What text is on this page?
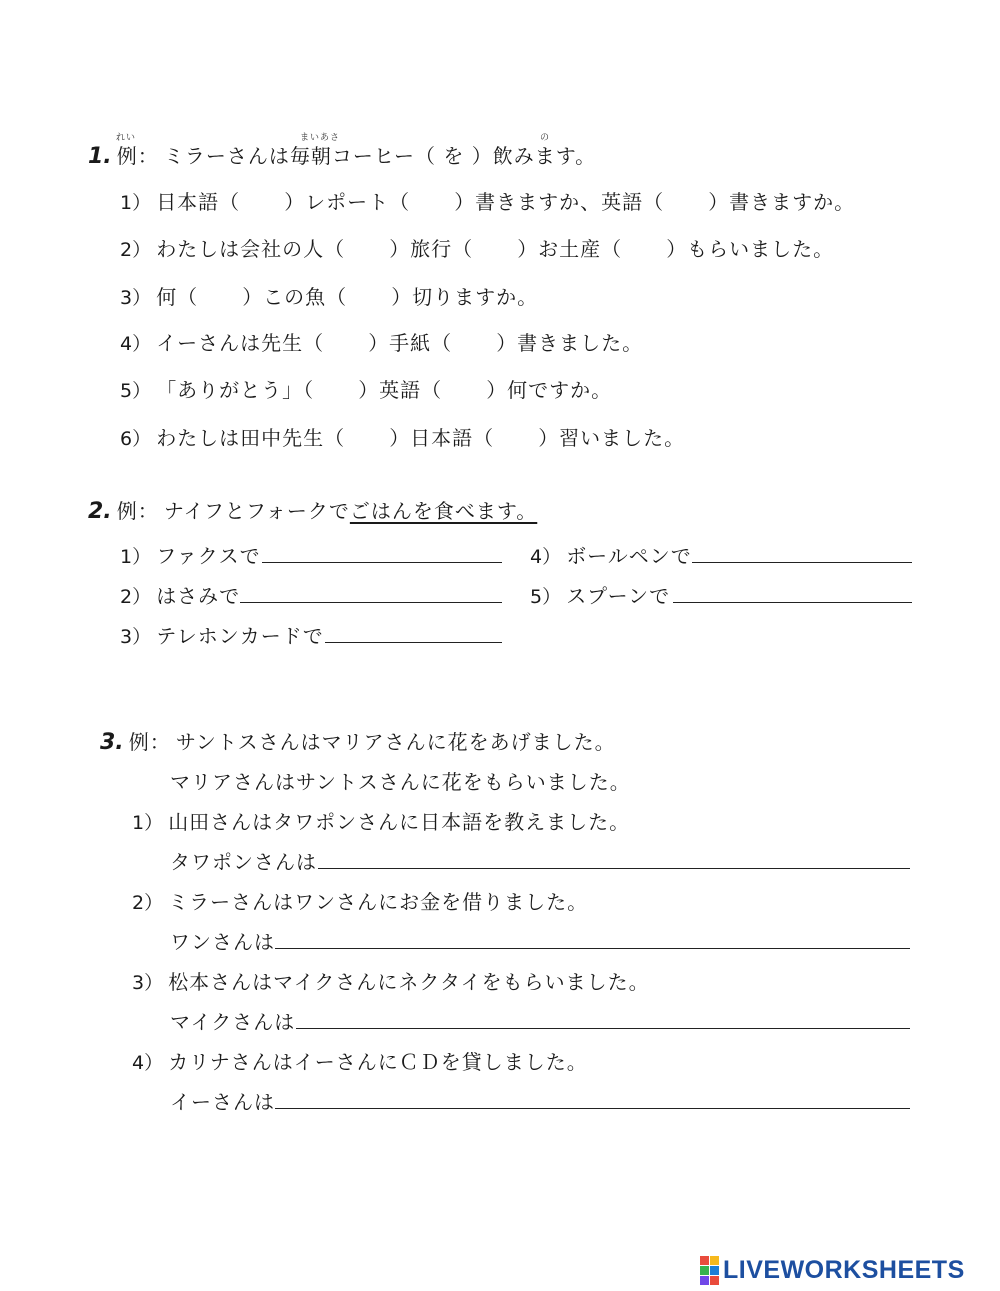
れい	まいあさ	の
1. 例： ミラーさんは毎朝コーヒー（ を ）飲みます。
1） 日本語（ ）レポート（ ）書きますか、英語（ ）書きますか。
2） わたしは会社の人（ ）旅行（ ）お土産（ ）もらいました。
3） 何（ ）この魚（ ）切りますか。
4） イーさんは先生（ ）手紙（ ）書きました。
5） 「ありがとう」（ ）英語（ ）何ですか。
6） わたしは田中先生（ ）日本語（ ）習いました。
2. 例： ナイフとフォークでごはんを食べます。
1） ファクスで
2） はさみで
3） テレホンカードで
4） ボールペンで
5） スプーンで
3. 例： サントスさんはマリアさんに花をあげました。
マリアさんはサントスさんに花をもらいました。
1） 山田さんはタワポンさんに日本語を教えました。
タワポンさんは
2） ミラーさんはワンさんにお金を借りました。
ワンさんは
3） 松本さんはマイクさんにネクタイをもらいました。
マイクさんは
4） カリナさんはイーさんにＣＤを貸しました。
イーさんは
LIVEWORKSHEETS
